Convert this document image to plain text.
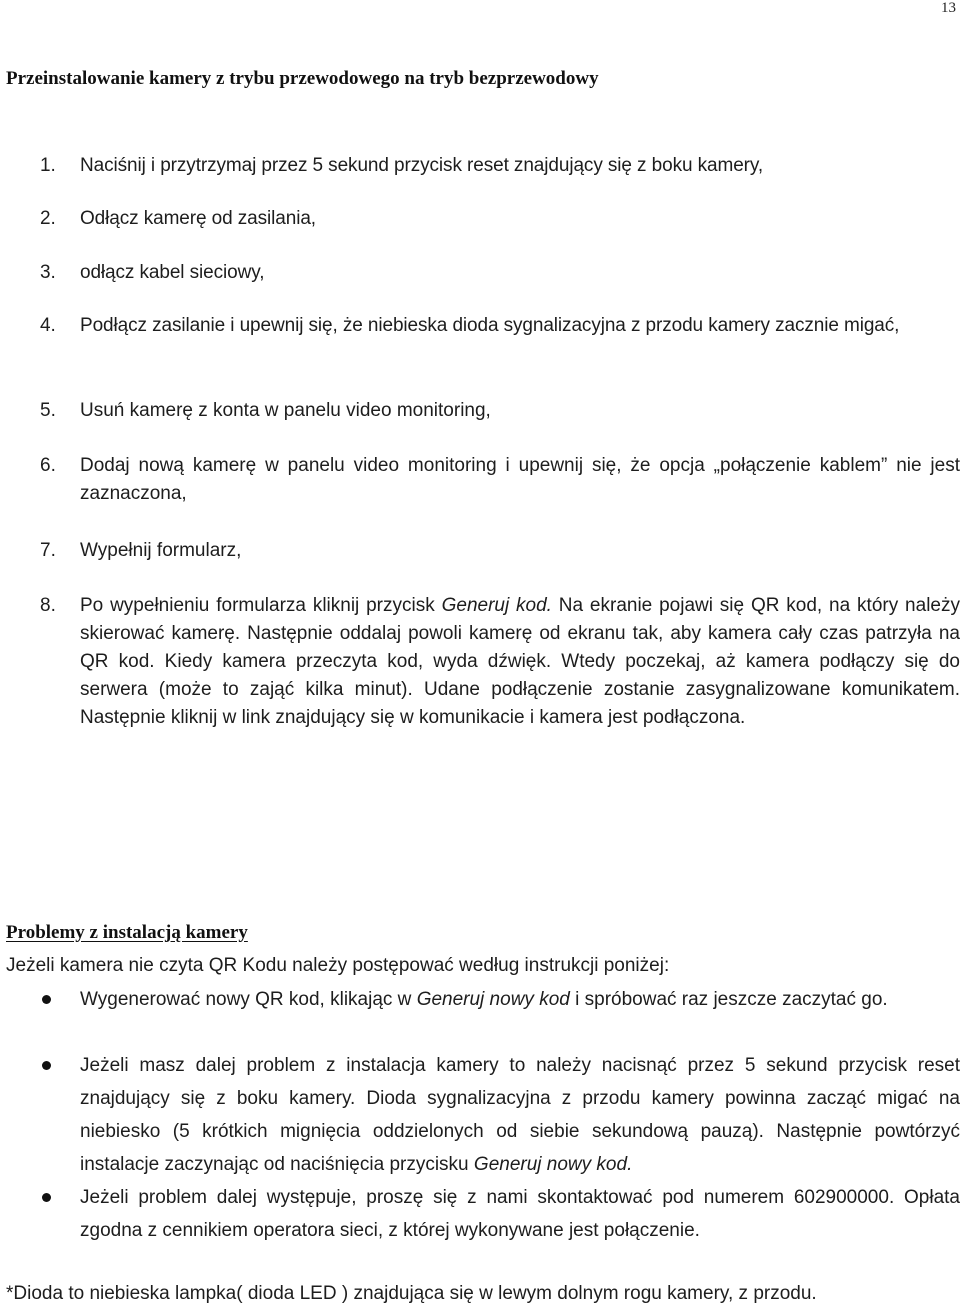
13
Przeinstalowanie kamery z trybu przewodowego na tryb bezprzewodowy
1.	Naciśnij i przytrzymaj przez 5 sekund przycisk reset znajdujący się z boku kamery,
2.	Odłącz kamerę od zasilania,
3.	odłącz kabel sieciowy,
4.	Podłącz zasilanie i upewnij się, że niebieska dioda sygnalizacyjna z przodu kamery zacznie migać,
5.	Usuń kamerę z konta w panelu video monitoring,
6.	Dodaj nową kamerę w panelu video monitoring i upewnij się, że opcja „połączenie kablem” nie jest zaznaczona,
7.	Wypełnij formularz,
8.	Po wypełnieniu formularza kliknij przycisk Generuj kod. Na ekranie pojawi się QR kod, na który należy skierować kamerę. Następnie oddalaj powoli kamerę od ekranu tak, aby kamera cały czas patrzyła na QR kod. Kiedy kamera przeczyta kod, wyda dźwięk. Wtedy poczekaj, aż kamera podłączy się do serwera (może to zająć kilka minut). Udane podłączenie zostanie zasygnalizowane komunikatem. Następnie kliknij w link znajdujący się w komunikacie i kamera jest podłączona.
Problemy z instalacją kamery
Jeżeli kamera nie czyta QR Kodu należy postępować według instrukcji poniżej:
Wygenerować nowy QR kod, klikając w Generuj nowy kod i spróbować raz jeszcze zaczytać go.
Jeżeli masz dalej problem z instalacja kamery to należy nacisnąć przez 5 sekund przycisk reset znajdujący się z boku kamery. Dioda sygnalizacyjna z przodu kamery powinna zacząć migać na niebiesko (5 krótkich mignięcia oddzielonych od siebie sekundową pauzą). Następnie powtórzyć instalacje zaczynając od naciśnięcia przycisku Generuj nowy kod.
Jeżeli problem dalej występuje, proszę się z nami skontaktować pod numerem 602900000. Opłata zgodna z cennikiem operatora sieci, z której wykonywane jest połączenie.
*Dioda to niebieska lampka( dioda LED ) znajdująca się w lewym dolnym rogu kamery, z przodu.
